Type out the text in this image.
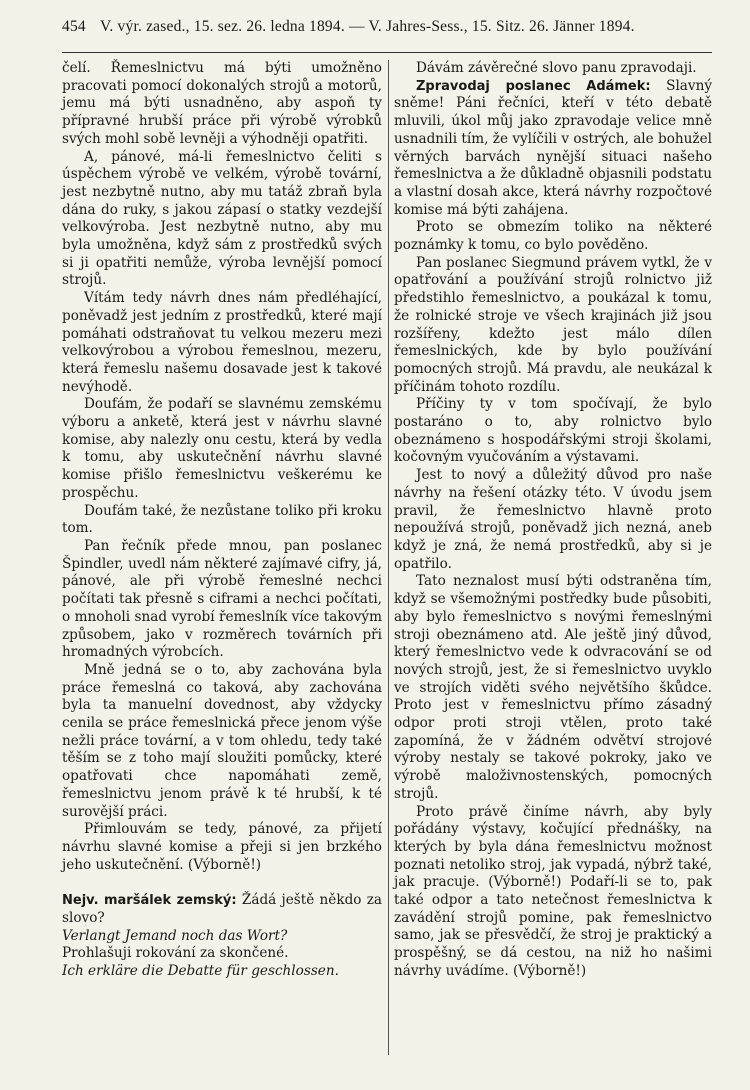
454 V. výr. zased., 15. sez. 26. ledna 1894. — V. Jahres-Sess., 15. Sitz. 26. Jänner 1894.

čelí. Řemeslnictvu má býti umožněno pracovati pomocí dokonalých strojů a motorů, jemu má býti usnadněno, aby aspoň ty přípravné hrubší práce při výrobě výrobků svých mohl sobě levněji a výhodněji opatřiti.

A, pánové, má-li řemeslnictvo čeliti s úspěchem výrobě ve velkém, výrobě tovární, jest nezbytně nutno, aby mu tatáž zbraň byla dána do ruky, s jakou zápasí o statky vezdejší velkovýroba. Jest nezbytně nutno, aby mu byla umožněna, když sám z prostředků svých si ji opatřiti nemůže, výroba levnější pomocí strojů.

Vítám tedy návrh dnes nám předléhající, poněvadž jest jedním z prostředků, které mají pomáhati odstraňovat tu velkou mezeru mezi velkovýrobou a výrobou řemeslnou, mezeru, která řemeslu našemu dosavade jest k takové nevýhodě.

Doufám, že podaří se slavnému zemskému výboru a anketě, která jest v návrhu slavné komise, aby nalezly onu cestu, která by vedla k tomu, aby uskutečnění návrhu slavné komise přišlo řemeslnictvu veškerému ke prospěchu.

Doufám také, že nezůstane toliko při kroku tom.

Pan řečník přede mnou, pan poslanec Špindler, uvedl nám některé zajímavé cifry, já, pánové, ale při výrobě řemeslné nechci počítati tak přesně s ciframi a nechci počítati, o mnoholi snad vyrobí řemeslník více takovým způsobem, jako v rozměrech továrních při hromadných výrobcích.

Mně jedná se o to, aby zachována byla práce řemeslná co taková, aby zachována byla ta manuelní dovednost, aby vždycky cenila se práce řemeslnická přece jenom výše nežli práce tovární, a v tom ohledu, tedy také těším se z toho mají sloužiti pomůcky, které opatřovati chce napomáhati země, řemeslnictvu jenom právě k té hrubší, k té surovější práci.

Přimlouvám se tedy, pánové, za přijetí návrhu slavné komise a přeji si jen brzkého jeho uskutečnění. (Výborně!)

Nejv. maršálek zemský: Žádá ještě někdo za slovo?

Verlangt Jemand noch das Wort?
Prohlašuji rokování za skončené.
Ich erkläre die Debatte für geschlossen.

Dávám závěrečné slovo panu zpravodaji.

Zpravodaj poslanec Adámek: Slavný sněme! Páni řečníci, kteří v této debatě mluvili, úkol můj jako zpravodaje velice mně usnadnili tím, že vylíčili v ostrých, ale bohužel věrných barvách nynější situaci našeho řemeslnictva a že důkladně objasnili podstatu a vlastní dosah akce, která návrhy rozpočtové komise má býti zahájena.

Proto se obmezím toliko na některé poznámky k tomu, co bylo pověděno.

Pan poslanec Siegmund právem vytkl, že v opatřování a používání strojů rolnictvo již předstihlo řemeslnictvo, a poukázal k tomu, že rolnické stroje ve všech krajinách již jsou rozšířeny, kdežto jest málo dílen řemeslnických, kde by bylo používání pomocných strojů. Má pravdu, ale neukázal k příčinám tohoto rozdílu.

Příčiny ty v tom spočívají, že bylo postaráno o to, aby rolnictvo bylo obeznámeno s hospodářskými stroji školami, kočovným vyučováním a výstavami.

Jest to nový a důležitý důvod pro naše návrhy na řešení otázky této. V úvodu jsem pravil, že řemeslnictvo hlavně proto nepoužívá strojů, poněvadž jich nezná, aneb když je zná, že nemá prostředků, aby si je opatřilo.

Tato neznalost musí býti odstraněna tím, když se všemožnými postředky bude působiti, aby bylo řemeslnictvo s novými řemeslnými stroji obeznámeno atd. Ale ještě jiný důvod, který řemeslnictvo vede k odvracování se od nových strojů, jest, že si řemeslnictvo uvyklo ve strojích viděti svého největšího škůdce. Proto jest v řemeslnictvu přímo zásadný odpor proti stroji vtělen, proto také zapomíná, že v žádném odvětví strojové výroby nestaly se takové pokroky, jako ve výrobě maloživnostenských, pomocných strojů.

Proto právě činíme návrh, aby byly pořádány výstavy, kočující přednášky, na kterých by byla dána řemeslnictvu možnost poznati netoliko stroj, jak vypadá, nýbrž také, jak pracuje. (Výborně!) Podaří-li se to, pak také odpor a tato netečnost řemeslnictva k zavádění strojů pomine, pak řemeslnictvo samo, jak se přesvědčí, že stroj je praktický a prospěšný, se dá cestou, na niž ho našimi návrhy uvádíme. (Výborně!)
